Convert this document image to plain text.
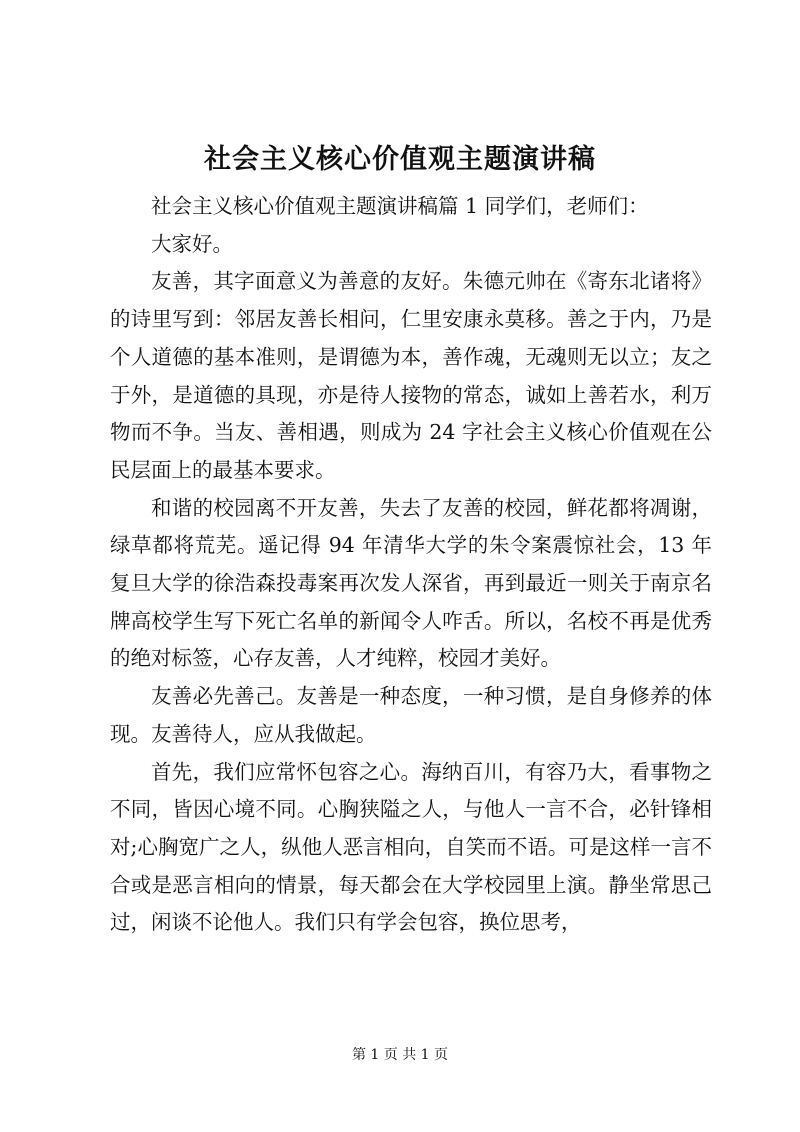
社会主义核心价值观主题演讲稿

社会主义核心价值观主题演讲稿篇 1 同学们，老师们：

大家好。

友善，其字面意义为善意的友好。朱德元帅在《寄东北诸将》的诗里写到：邻居友善长相问，仁里安康永莫移。善之于内，乃是个人道德的基本准则，是谓德为本，善作魂，无魂则无以立；友之于外，是道德的具现，亦是待人接物的常态，诚如上善若水，利万物而不争。当友、善相遇，则成为 24 字社会主义核心价值观在公民层面上的最基本要求。

和谐的校园离不开友善，失去了友善的校园，鲜花都将凋谢，绿草都将荒芜。遥记得 94 年清华大学的朱令案震惊社会，13 年复旦大学的徐浩森投毒案再次发人深省，再到最近一则关于南京名牌高校学生写下死亡名单的新闻令人咋舌。所以，名校不再是优秀的绝对标签，心存友善，人才纯粹，校园才美好。

友善必先善己。友善是一种态度，一种习惯，是自身修养的体现。友善待人，应从我做起。

首先，我们应常怀包容之心。海纳百川，有容乃大，看事物之不同，皆因心境不同。心胸狭隘之人，与他人一言不合，必针锋相对;心胸宽广之人，纵他人恶言相向，自笑而不语。可是这样一言不合或是恶言相向的情景，每天都会在大学校园里上演。静坐常思己过，闲谈不论他人。我们只有学会包容，换位思考，

第 1 页 共 1 页
